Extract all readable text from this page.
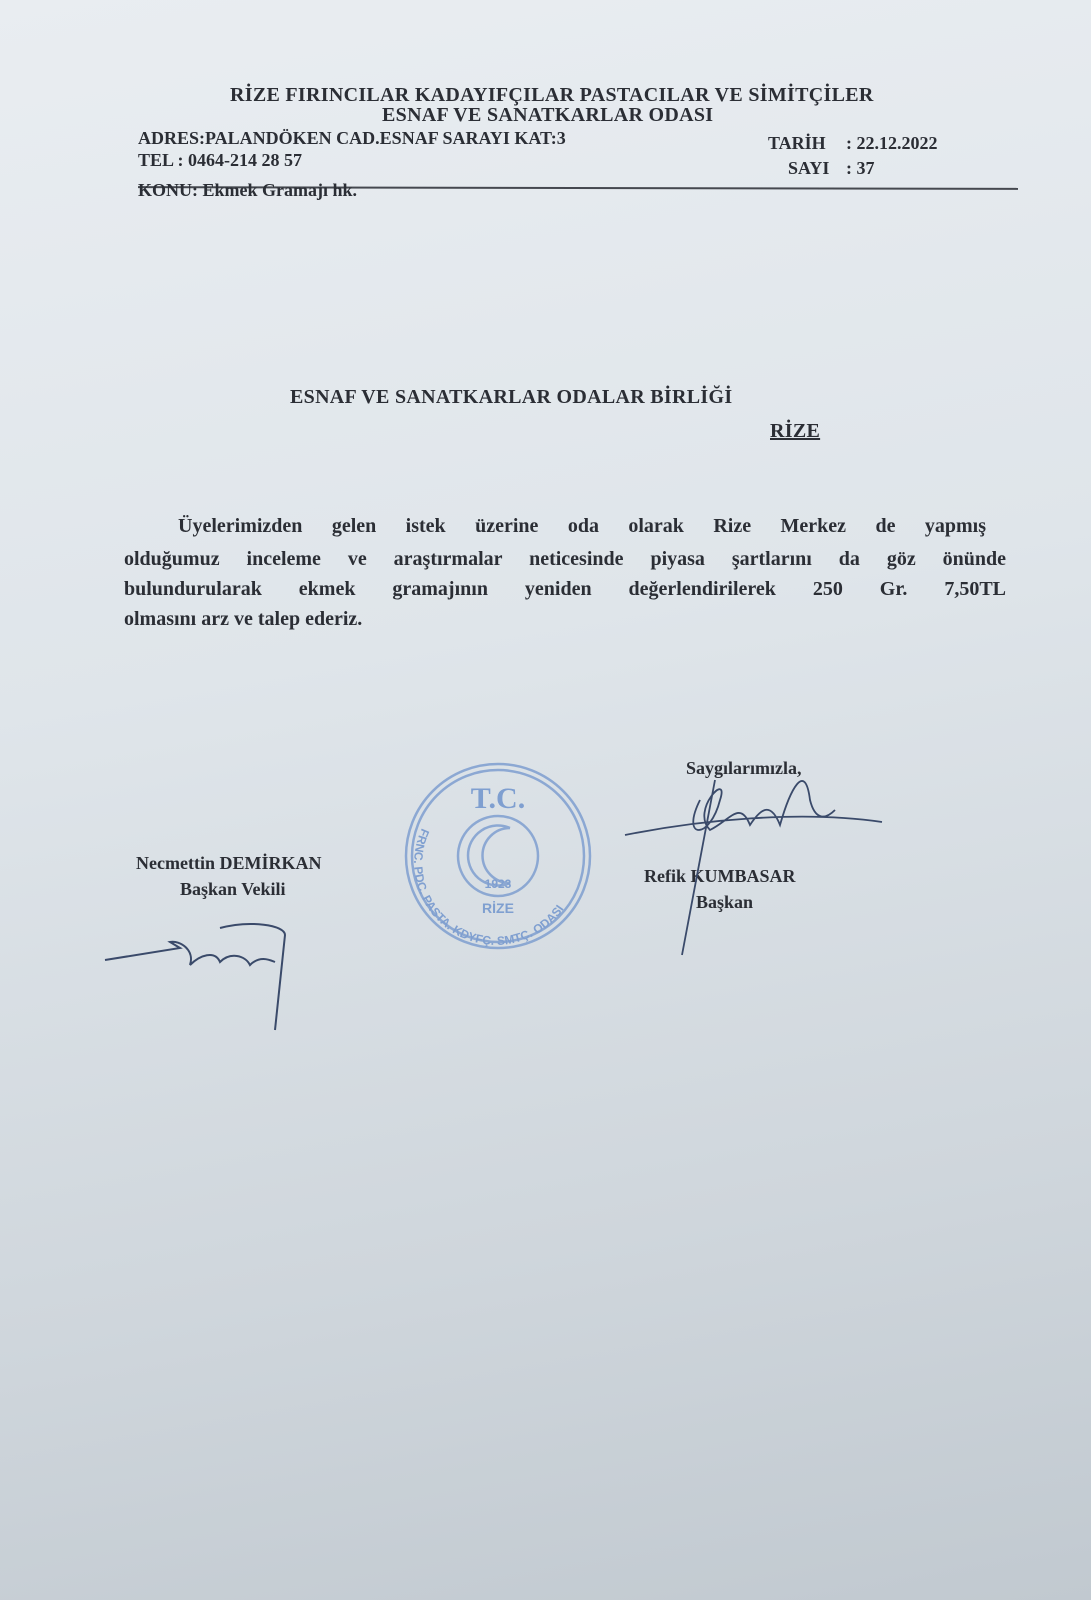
RİZE FIRINCILAR KADAYIFÇILAR PASTACILAR VE SİMİTÇİLER
ESNAF VE SANATKARLAR ODASI
ADRES:PALANDÖKEN CAD.ESNAF SARAYI KAT:3
TEL : 0464-214 28 57
TARİH : 22.12.2022
SAYI : 37
KONU: Ekmek Gramajı hk.
ESNAF VE SANATKARLAR ODALAR BİRLİĞİ
RİZE
Üyelerimizden gelen istek üzerine oda olarak Rize Merkez de yapmış
olduğumuz inceleme ve araştırmalar neticesinde piyasa şartlarını da göz önünde
bulundurularak ekmek gramajının yeniden değerlendirilerek 250 Gr. 7,50TL
olmasını arz ve talep ederiz.
Saygılarımızla,
Necmettin DEMİRKAN
Başkan Vekili
Refik KUMBASAR
Başkan
T.C.
1923
RİZE
FRNC. PDC. PASTA. KDYFÇ. SMTÇ. ODASI
